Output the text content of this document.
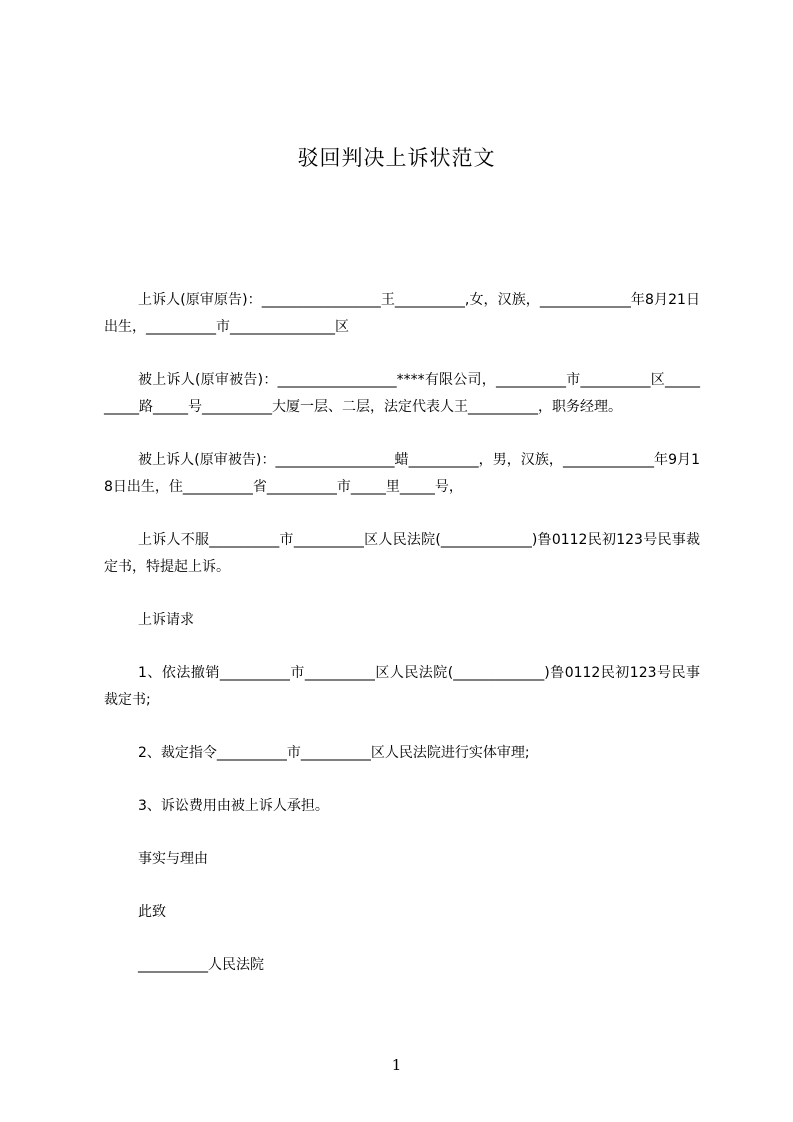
驳回判决上诉状范文

上诉人(原审原告)：_________________王__________,女，汉族，_____________年8月21日出生，__________市_______________区

被上诉人(原审被告)：_________________****有限公司，__________市__________区__________路_____号__________大厦一层、二层，法定代表人王__________，职务经理。

被上诉人(原审被告)：_________________蜡__________，男，汉族，_____________年9月18日出生，住__________省__________市_____里_____号，

上诉人不服__________市__________区人民法院(_____________)鲁0112民初123号民事裁定书，特提起上诉。

上诉请求

1、依法撤销__________市__________区人民法院(_____________)鲁0112民初123号民事裁定书;

2、裁定指令__________市__________区人民法院进行实体审理;

3、诉讼费用由被上诉人承担。

事实与理由

此致

__________人民法院

1
